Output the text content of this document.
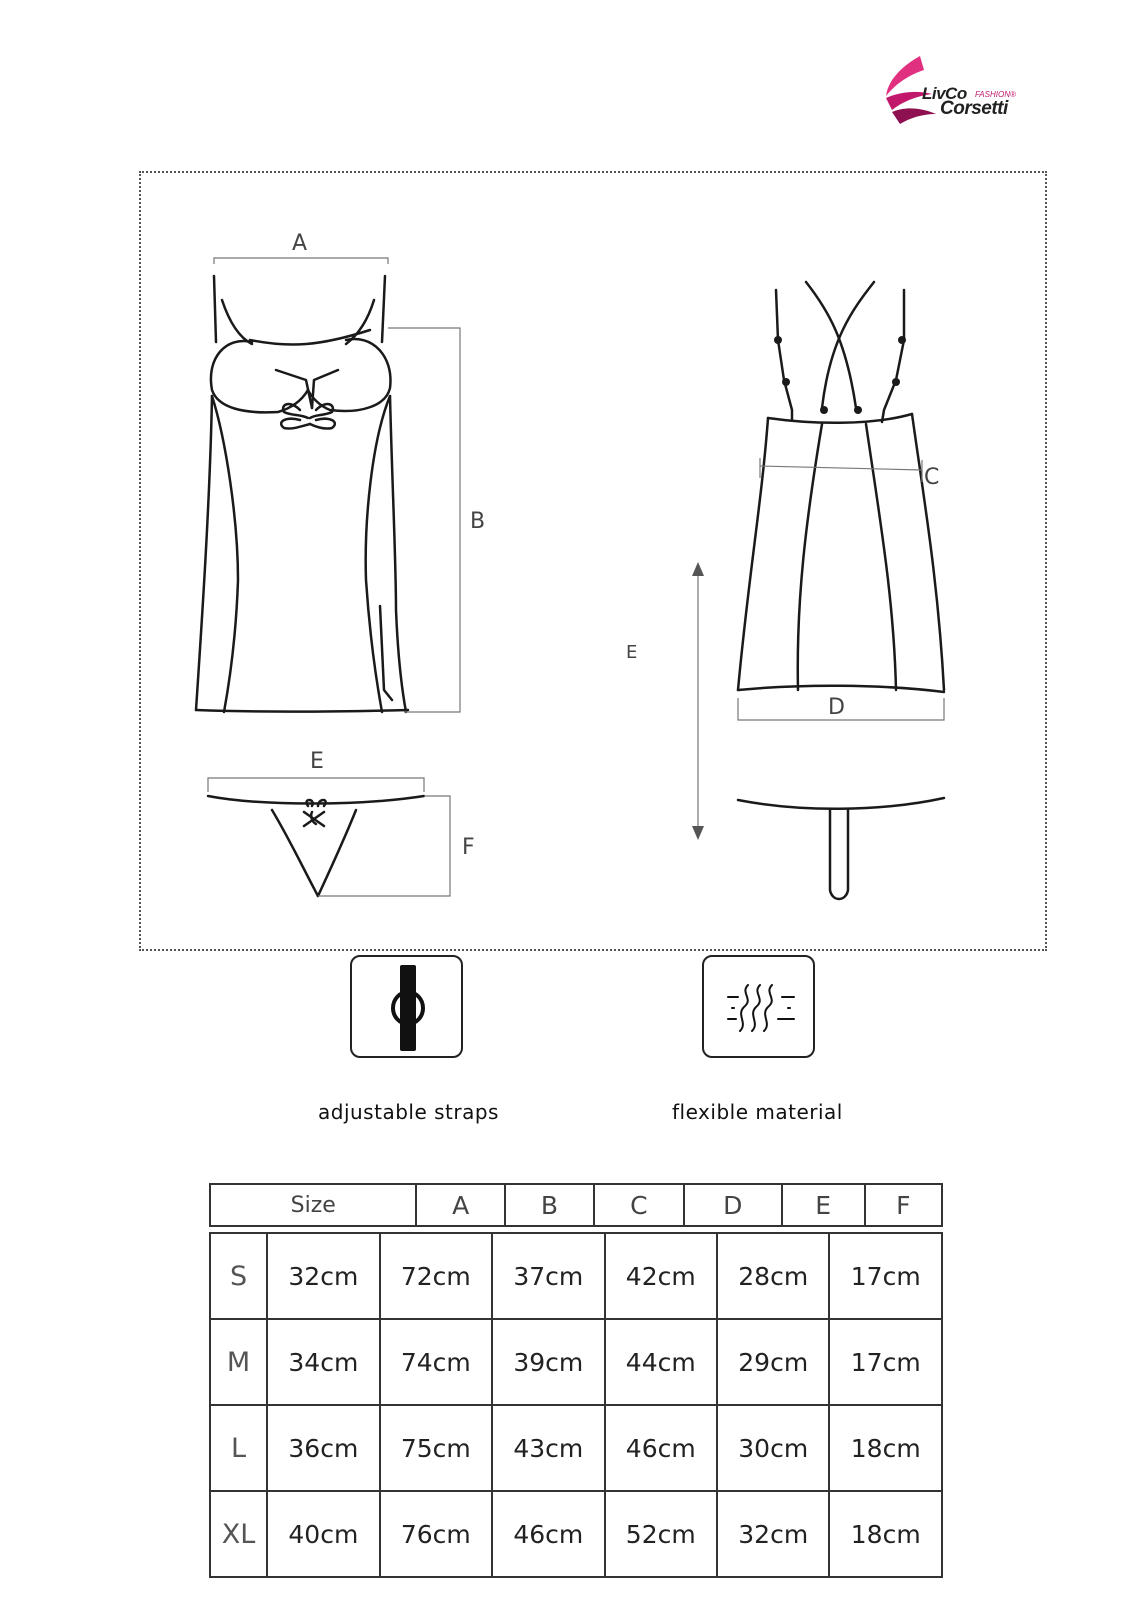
LivCo FASHION®
Corsetti
A
B
C
D
E
E
F
adjustable straps	flexible material
Size	A	B	C	D	E	F
S	32cm	72cm	37cm	42cm	28cm	17cm
M	34cm	74cm	39cm	44cm	29cm	17cm
L	36cm	75cm	43cm	46cm	30cm	18cm
XL	40cm	76cm	46cm	52cm	32cm	18cm
